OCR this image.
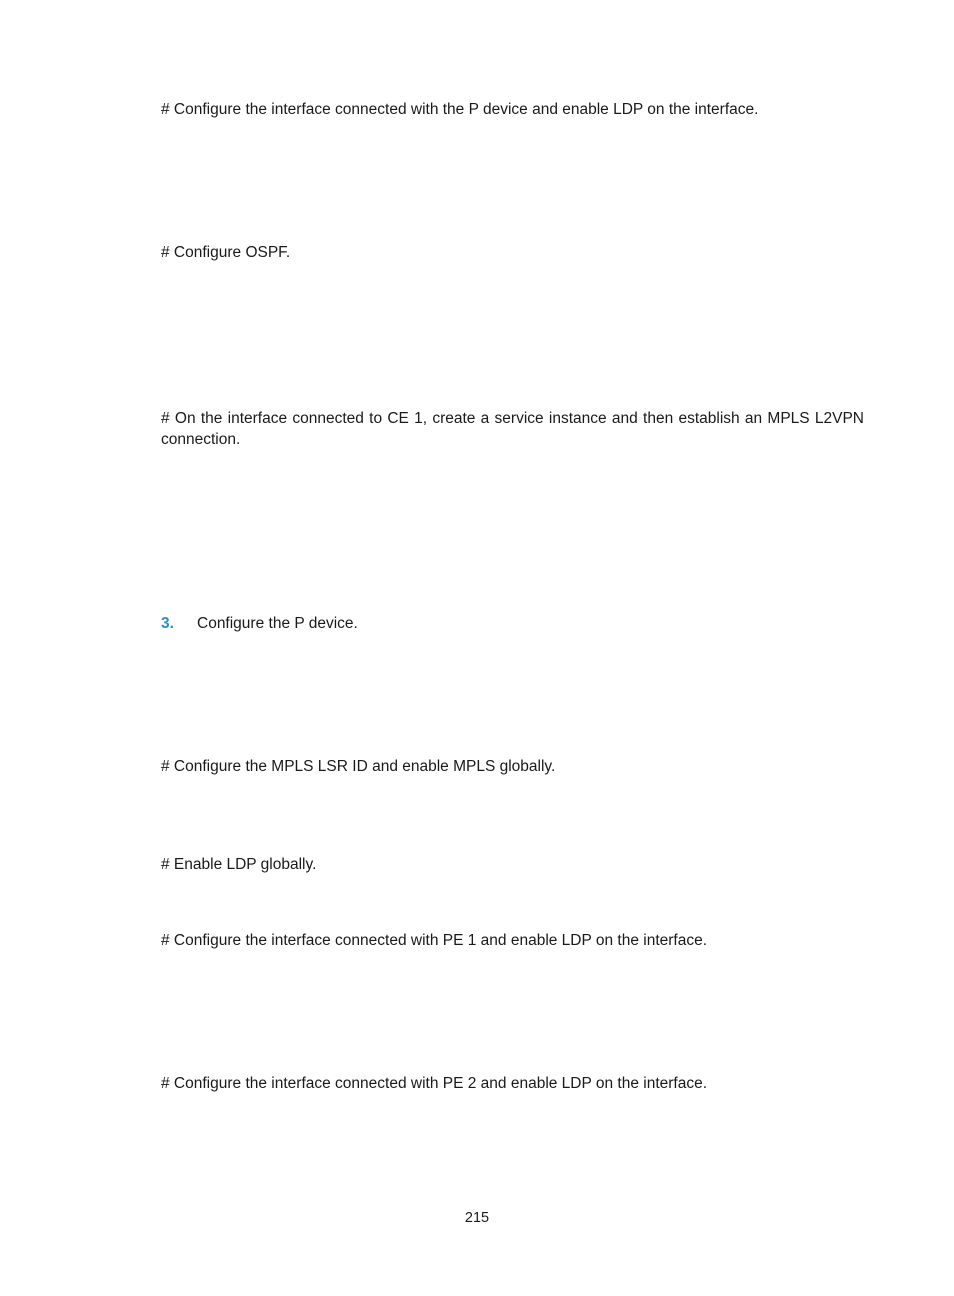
# Configure the interface connected with the P device and enable LDP on the interface.

# Configure OSPF.

# On the interface connected to CE 1, create a service instance and then establish an MPLS L2VPN connection.

3.	Configure the P device.

# Configure the MPLS LSR ID and enable MPLS globally.

# Enable LDP globally.

# Configure the interface connected with PE 1 and enable LDP on the interface.

# Configure the interface connected with PE 2 and enable LDP on the interface.

215
